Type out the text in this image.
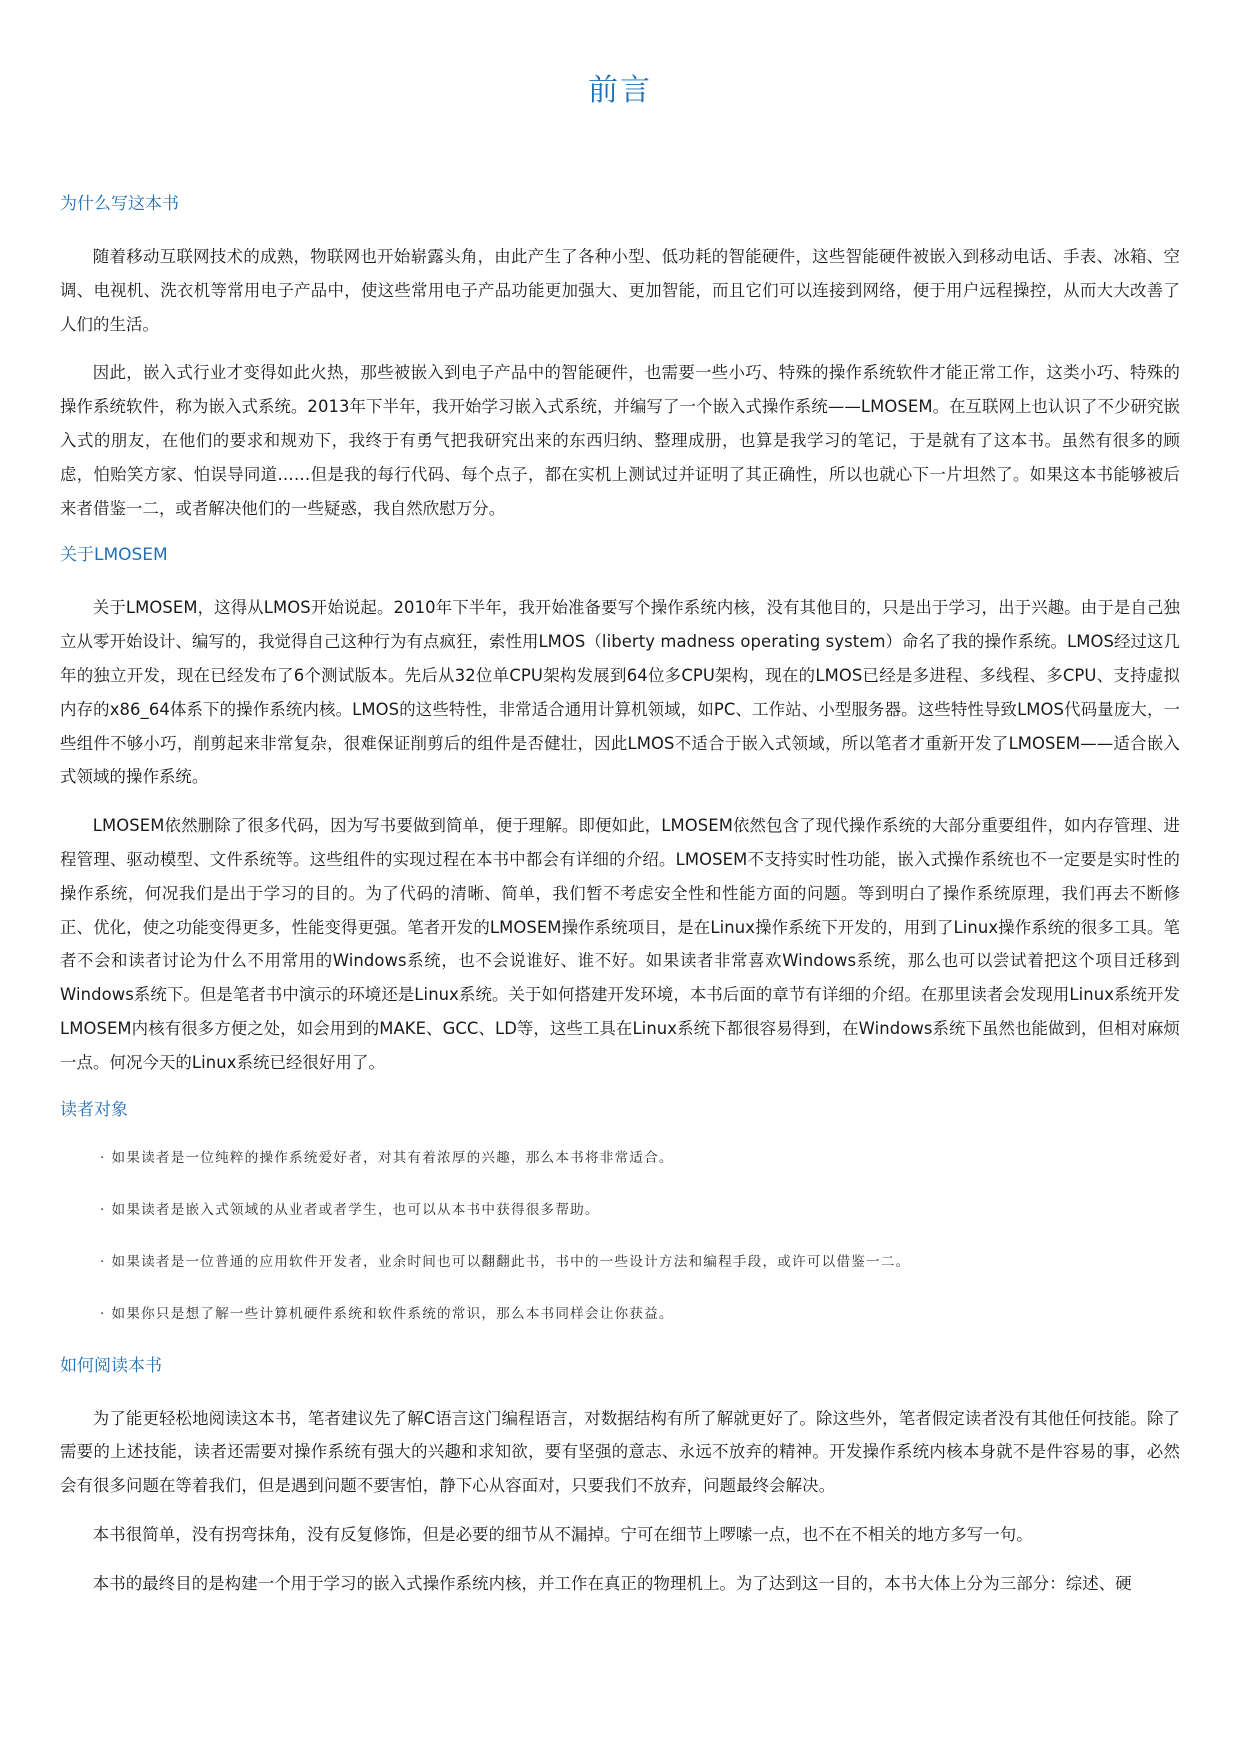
前言
为什么写这本书

随着移动互联网技术的成熟，物联网也开始崭露头角，由此产生了各种小型、低功耗的智能硬件，这些智能硬件被嵌入到移动电话、手表、冰箱、空调、电视机、洗衣机等常用电子产品中，使这些常用电子产品功能更加强大、更加智能，而且它们可以连接到网络，便于用户远程操控，从而大大改善了人们的生活。

因此，嵌入式行业才变得如此火热，那些被嵌入到电子产品中的智能硬件，也需要一些小巧、特殊的操作系统软件才能正常工作，这类小巧、特殊的操作系统软件，称为嵌入式系统。2013年下半年，我开始学习嵌入式系统，并编写了一个嵌入式操作系统——LMOSEM。在互联网上也认识了不少研究嵌入式的朋友，在他们的要求和规劝下，我终于有勇气把我研究出来的东西归纳、整理成册，也算是我学习的笔记，于是就有了这本书。虽然有很多的顾虑，怕贻笑方家、怕误导同道……但是我的每行代码、每个点子，都在实机上测试过并证明了其正确性，所以也就心下一片坦然了。如果这本书能够被后来者借鉴一二，或者解决他们的一些疑惑，我自然欣慰万分。

关于LMOSEM

关于LMOSEM，这得从LMOS开始说起。2010年下半年，我开始准备要写个操作系统内核，没有其他目的，只是出于学习，出于兴趣。由于是自己独立从零开始设计、编写的，我觉得自己这种行为有点疯狂，索性用LMOS（liberty madness operating system）命名了我的操作系统。LMOS经过这几年的独立开发，现在已经发布了6个测试版本。先后从32位单CPU架构发展到64位多CPU架构，现在的LMOS已经是多进程、多线程、多CPU、支持虚拟内存的x86_64体系下的操作系统内核。LMOS的这些特性，非常适合通用计算机领域，如PC、工作站、小型服务器。这些特性导致LMOS代码量庞大，一些组件不够小巧，削剪起来非常复杂，很难保证削剪后的组件是否健壮，因此LMOS不适合于嵌入式领域，所以笔者才重新开发了LMOSEM——适合嵌入式领域的操作系统。

LMOSEM依然删除了很多代码，因为写书要做到简单，便于理解。即便如此，LMOSEM依然包含了现代操作系统的大部分重要组件，如内存管理、进程管理、驱动模型、文件系统等。这些组件的实现过程在本书中都会有详细的介绍。LMOSEM不支持实时性功能，嵌入式操作系统也不一定要是实时性的操作系统，何况我们是出于学习的目的。为了代码的清晰、简单，我们暂不考虑安全性和性能方面的问题。等到明白了操作系统原理，我们再去不断修正、优化，使之功能变得更多，性能变得更强。笔者开发的LMOSEM操作系统项目，是在Linux操作系统下开发的，用到了Linux操作系统的很多工具。笔者不会和读者讨论为什么不用常用的Windows系统，也不会说谁好、谁不好。如果读者非常喜欢Windows系统，那么也可以尝试着把这个项目迁移到Windows系统下。但是笔者书中演示的环境还是Linux系统。关于如何搭建开发环境，本书后面的章节有详细的介绍。在那里读者会发现用Linux系统开发LMOSEM内核有很多方便之处，如会用到的MAKE、GCC、LD等，这些工具在Linux系统下都很容易得到，在Windows系统下虽然也能做到，但相对麻烦一点。何况今天的Linux系统已经很好用了。

读者对象
· 如果读者是一位纯粹的操作系统爱好者，对其有着浓厚的兴趣，那么本书将非常适合。
· 如果读者是嵌入式领域的从业者或者学生，也可以从本书中获得很多帮助。
· 如果读者是一位普通的应用软件开发者，业余时间也可以翻翻此书，书中的一些设计方法和编程手段，或许可以借鉴一二。
· 如果你只是想了解一些计算机硬件系统和软件系统的常识，那么本书同样会让你获益。
如何阅读本书

为了能更轻松地阅读这本书，笔者建议先了解C语言这门编程语言，对数据结构有所了解就更好了。除这些外，笔者假定读者没有其他任何技能。除了需要的上述技能，读者还需要对操作系统有强大的兴趣和求知欲，要有坚强的意志、永远不放弃的精神。开发操作系统内核本身就不是件容易的事，必然会有很多问题在等着我们，但是遇到问题不要害怕，静下心从容面对，只要我们不放弃，问题最终会解决。

本书很简单，没有拐弯抹角，没有反复修饰，但是必要的细节从不漏掉。宁可在细节上啰嗦一点，也不在不相关的地方多写一句。

本书的最终目的是构建一个用于学习的嵌入式操作系统内核，并工作在真正的物理机上。为了达到这一目的，本书大体上分为三部分：综述、硬
